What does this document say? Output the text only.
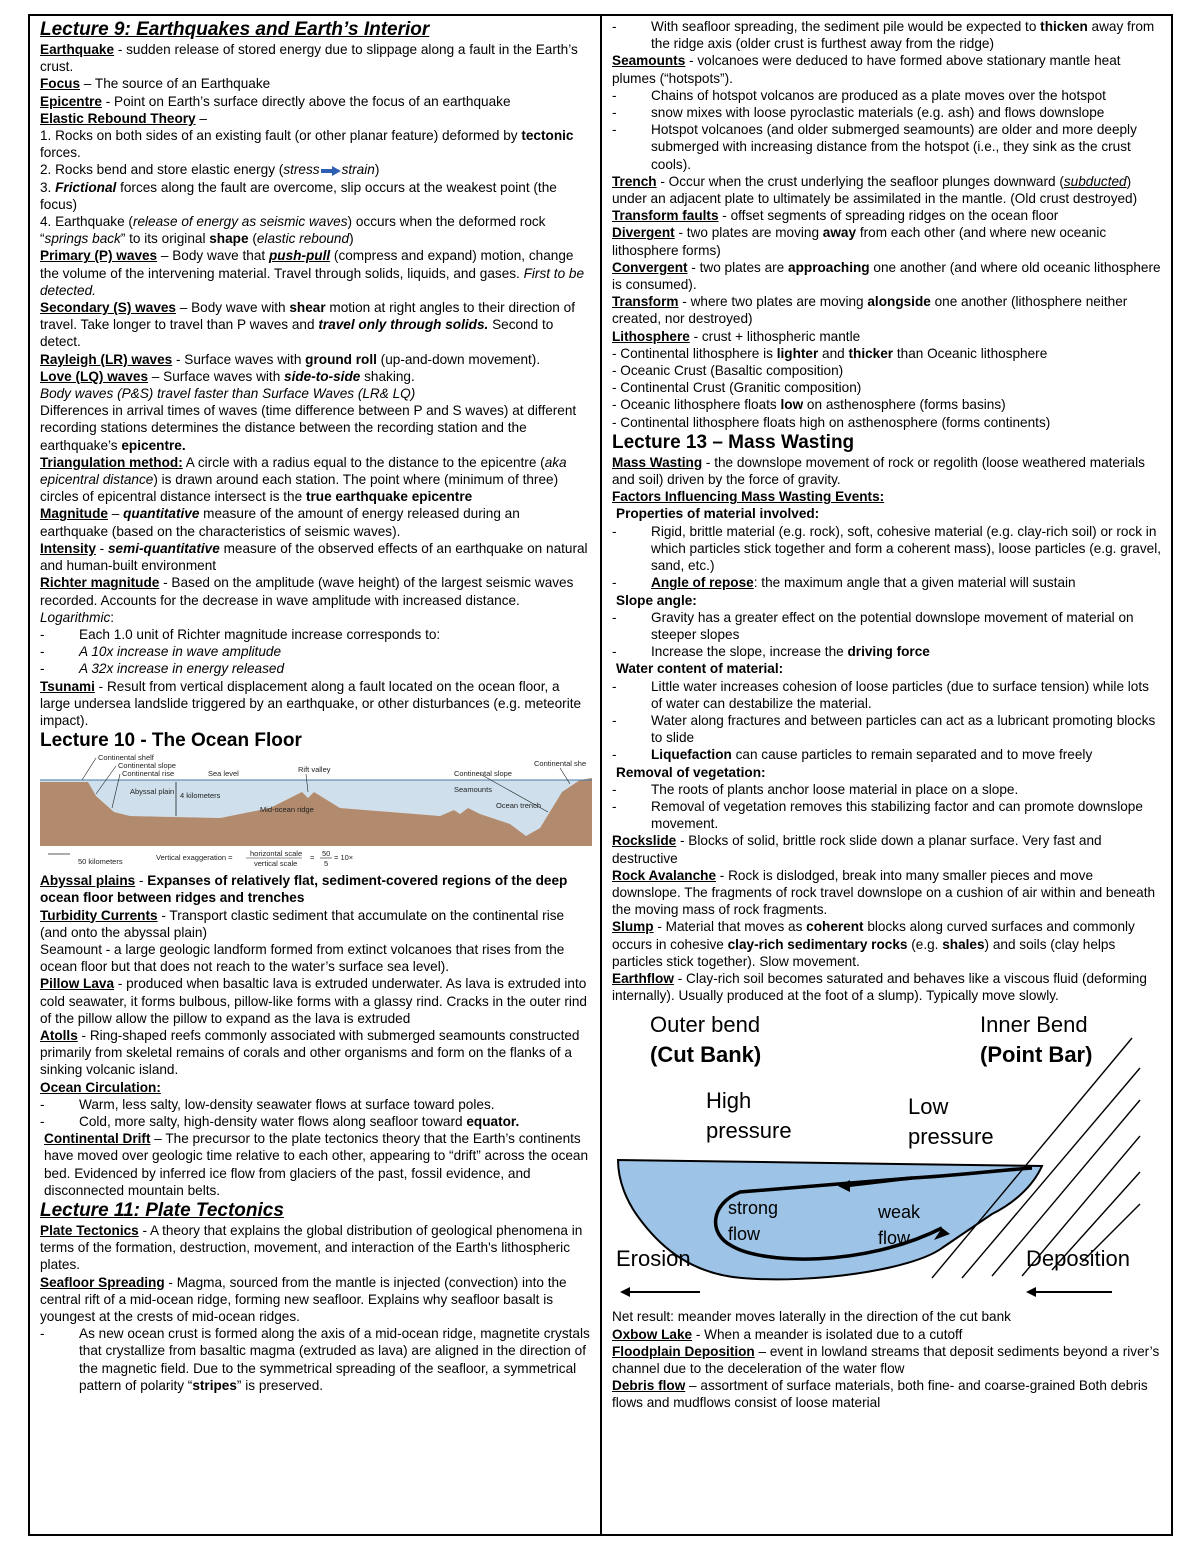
Lecture 9: Earthquakes and Earth’s Interior

Earthquake - sudden release of stored energy due to slippage along a fault in the Earth’s crust.

Focus – The source of an Earthquake

Epicentre - Point on Earth’s surface directly above the focus of an earthquake

Elastic Rebound Theory –

1. Rocks on both sides of an existing fault (or other planar feature) deformed by tectonic forces.

2. Rocks bend and store elastic energy (stress strain)

3. Frictional forces along the fault are overcome, slip occurs at the weakest point (the focus)

4. Earthquake (release of energy as seismic waves) occurs when the deformed rock “springs back” to its original shape (elastic rebound)

Primary (P) waves – Body wave that push-pull (compress and expand) motion, change the volume of the intervening material. Travel through solids, liquids, and gases. First to be detected.

Secondary (S) waves – Body wave with shear motion at right angles to their direction of travel. Take longer to travel than P waves and travel only through solids. Second to detect.

Rayleigh (LR) waves - Surface waves with ground roll (up-and-down movement).

Love (LQ) waves – Surface waves with side-to-side shaking.

Body waves (P&S) travel faster than Surface Waves (LR& LQ)

Differences in arrival times of waves (time difference between P and S waves) at different recording stations determines the distance between the recording station and the earthquake’s epicentre.

Triangulation method: A circle with a radius equal to the distance to the epicentre (aka epicentral distance) is drawn around each station. The point where (minimum of three) circles of epicentral distance intersect is the true earthquake epicentre

Magnitude – quantitative measure of the amount of energy released during an earthquake (based on the characteristics of seismic waves).

Intensity - semi-quantitative measure of the observed effects of an earthquake on natural and human-built environment

Richter magnitude - Based on the amplitude (wave height) of the largest seismic waves recorded. Accounts for the decrease in wave amplitude with increased distance. Logarithmic:

-	Each 1.0 unit of Richter magnitude increase corresponds to:
-	A 10x increase in wave amplitude
-	A 32x increase in energy released

Tsunami - Result from vertical displacement along a fault located on the ocean floor, a large undersea landslide triggered by an earthquake, or other disturbances (e.g. meteorite impact).

Lecture 10 - The Ocean Floor
Continental shelf
Continental slope
Continental rise	Sea level	Rift valley	Continental slope
Continental she
Abyssal plain 4 kilometers
Seamounts
Mid-ocean ridge	Ocean trench
50 kilometers	Vertical exaggeration = horizontal scale
vertical scale
= 50
5
= 10×

Abyssal plains - Expanses of relatively flat, sediment-covered regions of the deep ocean floor between ridges and trenches

Turbidity Currents - Transport clastic sediment that accumulate on the continental rise (and onto the abyssal plain)

Seamount - a large geologic landform formed from extinct volcanoes that rises from the ocean floor but that does not reach to the water’s surface sea level).

Pillow Lava - produced when basaltic lava is extruded underwater. As lava is extruded into cold seawater, it forms bulbous, pillow-like forms with a glassy rind. Cracks in the outer rind of the pillow allow the pillow to expand as the lava is extruded

Atolls - Ring-shaped reefs commonly associated with submerged seamounts constructed primarily from skeletal remains of corals and other organisms and form on the flanks of a sinking volcanic island.

Ocean Circulation:

-	Warm, less salty, low-density seawater flows at surface toward poles.
-	Cold, more salty, high-density water flows along seafloor toward equator.

Continental Drift – The precursor to the plate tectonics theory that the Earth’s continents have moved over geologic time relative to each other, appearing to “drift” across the ocean bed. Evidenced by inferred ice flow from glaciers of the past, fossil evidence, and disconnected mountain belts.

Lecture 11: Plate Tectonics

Plate Tectonics - A theory that explains the global distribution of geological phenomena in terms of the formation, destruction, movement, and interaction of the Earth's lithospheric plates.

Seafloor Spreading - Magma, sourced from the mantle is injected (convection) into the central rift of a mid-ocean ridge, forming new seafloor. Explains why seafloor basalt is youngest at the crests of mid-ocean ridges.

-	As new ocean crust is formed along the axis of a mid-ocean ridge, magnetite crystals that crystallize from basaltic magma (extruded as lava) are aligned in the direction of the magnetic field. Due to the symmetrical spreading of the seafloor, a symmetrical pattern of polarity “stripes” is preserved.
-	With seafloor spreading, the sediment pile would be expected to thicken away from the ridge axis (older crust is furthest away from the ridge)

Seamounts - volcanoes were deduced to have formed above stationary mantle heat plumes (“hotspots”).

-	Chains of hotspot volcanos are produced as a plate moves over the hotspot
-	snow mixes with loose pyroclastic materials (e.g. ash) and flows downslope
-	Hotspot volcanoes (and older submerged seamounts) are older and more deeply submerged with increasing distance from the hotspot (i.e., they sink as the crust cools).

Trench - Occur when the crust underlying the seafloor plunges downward (subducted) under an adjacent plate to ultimately be assimilated in the mantle. (Old crust destroyed)

Transform faults - offset segments of spreading ridges on the ocean floor

Divergent - two plates are moving away from each other (and where new oceanic lithosphere forms)

Convergent - two plates are approaching one another (and where old oceanic lithosphere is consumed).

Transform - where two plates are moving alongside one another (lithosphere neither created, nor destroyed)

Lithosphere - crust + lithospheric mantle

- Continental lithosphere is lighter and thicker than Oceanic lithosphere

- Oceanic Crust (Basaltic composition)

- Continental Crust (Granitic composition)

- Oceanic lithosphere floats low on asthenosphere (forms basins)

- Continental lithosphere floats high on asthenosphere (forms continents)

Lecture 13 – Mass Wasting

Mass Wasting - the downslope movement of rock or regolith (loose weathered materials and soil) driven by the force of gravity.

Factors Influencing Mass Wasting Events:

Properties of material involved:

-	Rigid, brittle material (e.g. rock), soft, cohesive material (e.g. clay-rich soil) or rock in which particles stick together and form a coherent mass), loose particles (e.g. gravel, sand, etc.)
-	Angle of repose: the maximum angle that a given material will sustain

Slope angle:

-	Gravity has a greater effect on the potential downslope movement of material on steeper slopes
-	Increase the slope, increase the driving force

Water content of material:

-	Little water increases cohesion of loose particles (due to surface tension) while lots of water can destabilize the material.
-	Water along fractures and between particles can act as a lubricant promoting blocks to slide
-	Liquefaction can cause particles to remain separated and to move freely

Removal of vegetation:

-	The roots of plants anchor loose material in place on a slope.
-	Removal of vegetation removes this stabilizing factor and can promote downslope movement.

Rockslide - Blocks of solid, brittle rock slide down a planar surface. Very fast and destructive

Rock Avalanche - Rock is dislodged, break into many smaller pieces and move downslope. The fragments of rock travel downslope on a cushion of air within and beneath the moving mass of rock fragments.

Slump - Material that moves as coherent blocks along curved surfaces and commonly occurs in cohesive clay-rich sedimentary rocks (e.g. shales) and soils (clay helps particles stick together). Slow movement.

Earthflow - Clay-rich soil becomes saturated and behaves like a viscous fluid (deforming internally). Usually produced at the foot of a slump). Typically move slowly.

Outer bend
(Cut Bank)
Inner Bend
(Point Bar)
High
pressure
Low
pressure
Erosion	Deposition
strong
flow
weak
flow

Net result: meander moves laterally in the direction of the cut bank

Oxbow Lake - When a meander is isolated due to a cutoff

Floodplain Deposition – event in lowland streams that deposit sediments beyond a river’s channel due to the deceleration of the water flow

Debris flow – assortment of surface materials, both fine- and coarse-grained Both debris flows and mudflows consist of loose material
